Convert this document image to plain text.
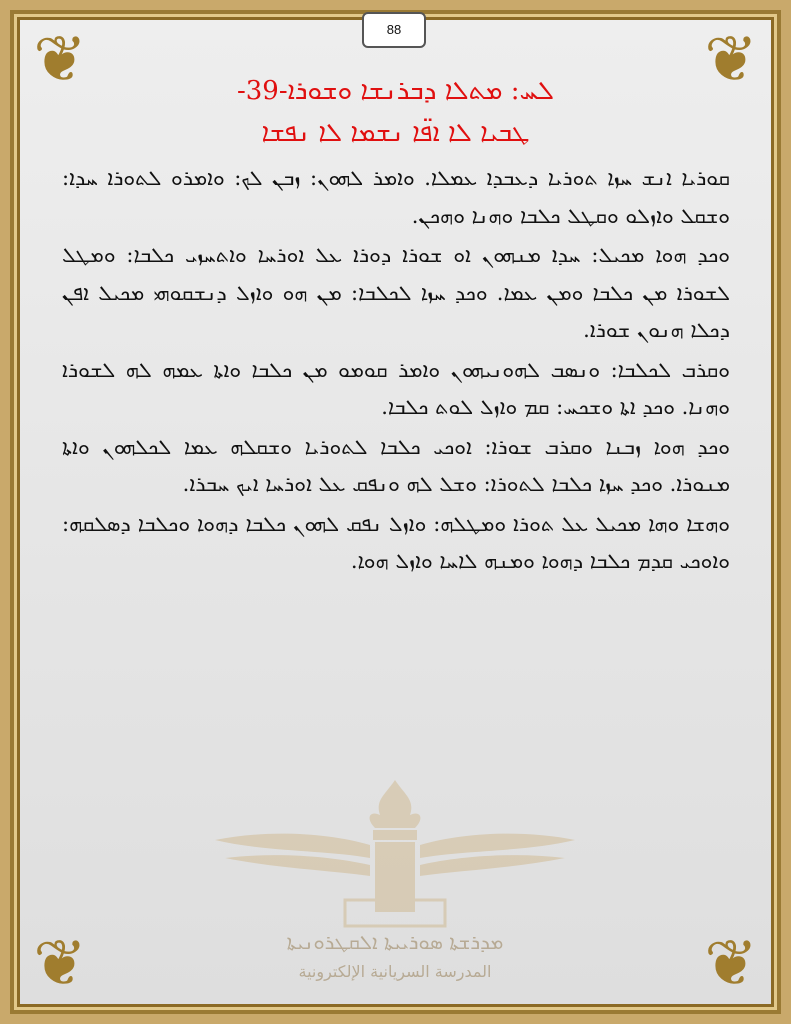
❦	❦
❦	❦
88
ܠܚ: ܡܬܠܐ ܕܒܪܢܫܐ ܘܫܘܪܐ-39-
ܛܒܝܐ ܠܐ ܐܦ̈ܐ ܢܫܡܐ ܠܐ ܢܦܫܐ

ܩܘܪܝܐ ܐܢܫ ܚܙܐ ܬܘܪܝܐ ܕܥܒܕܐ ܥܡܠܐ. ܘܐܡܪ ܠܗܘܢ: ܙܒܢ ܠܟ: ܘܐܡܪܘ ܠܬܘܪܐ ܚܕܐ: ܘܫܩܠ ܘܐܙܠܘ ܘܩܛܠ ܟܠܒܐ ܘܗܢܐ ܘܗܟܢ.

ܘܟܕ ܗܘܐ ܡܟܝܠ: ܚܕܐ ܡܢܗܘܢ ܐܘ ܫܘܪܐ ܕܘܪܐ ܥܠ ܐܘܪܚܐ ܘܐܬܚܙܝ ܟܠܒܐ: ܘܡܛܠ ܠܫܘܪܐ ܡܢ ܟܠܒܐ ܘܡܢ ܥܡܐ. ܘܟܕ ܚܙܐ ܠܟܠܒܐ: ܡܢ ܗܘ ܘܐܙܠ ܕܢܫܩܘܗܝ ܡܟܝܠ ܐܦܢ ܕܟܠܐ ܗܢܘܢ ܫܘܪܐ.

ܘܩܪܒ ܠܟܠܒܐ: ܘܢܣܒ ܠܗܘܢܝܗܘܢ ܘܐܡܪ ܩܘܡܘ ܡܢ ܟܠܒܐ ܘܐܬܐ ܥܡܗ ܠܗ ܠܫܘܪܐ ܘܗܢܐ. ܘܟܕ ܐܬܐ ܘܫܟܚ: ܩܡ ܘܐܙܠ ܠܘܬ ܟܠܒܐ.

ܘܟܕ ܗܘܐ ܙܒܢܐ ܘܩܪܒ ܫܘܪܐ: ܐܘܟܝ ܟܠܒܐ ܠܬܘܪܝܐ ܘܫܩܠܗ ܥܡܐ ܠܟܠܗܘܢ ܘܐܬܐ ܡܢܘܪܐ. ܘܟܕ ܚܙܐ ܟܠܒܐ ܠܬܘܪܐ: ܘܫܠ ܠܗ ܘܢܦܩ ܥܠ ܐܘܪܚܐ ܐܝܟ ܚܒܪܐ.

ܘܗܫܐ ܘܗܐ ܡܟܝܠ ܥܠ ܬܘܪܐ ܘܡܛܠܗ: ܘܐܙܠ ܢܦܩ ܠܗܘܢ ܟܠܒܐ ܕܗܘܐ ܘܟܠܒܐ ܕܣܠܩܗ: ܘܐܘܟܝ ܩܕܡ ܟܠܒܐ ܕܗܘܐ ܘܡܢܗ ܠܐܚܐ ܘܐܙܠ ܗܘܐ.

ܡܕܪܫܬܐ ܣܘܪܝܝܬܐ ܐܠܩܛܪܘܢܝܬܐ
المدرسة السريانية الإلكترونية
